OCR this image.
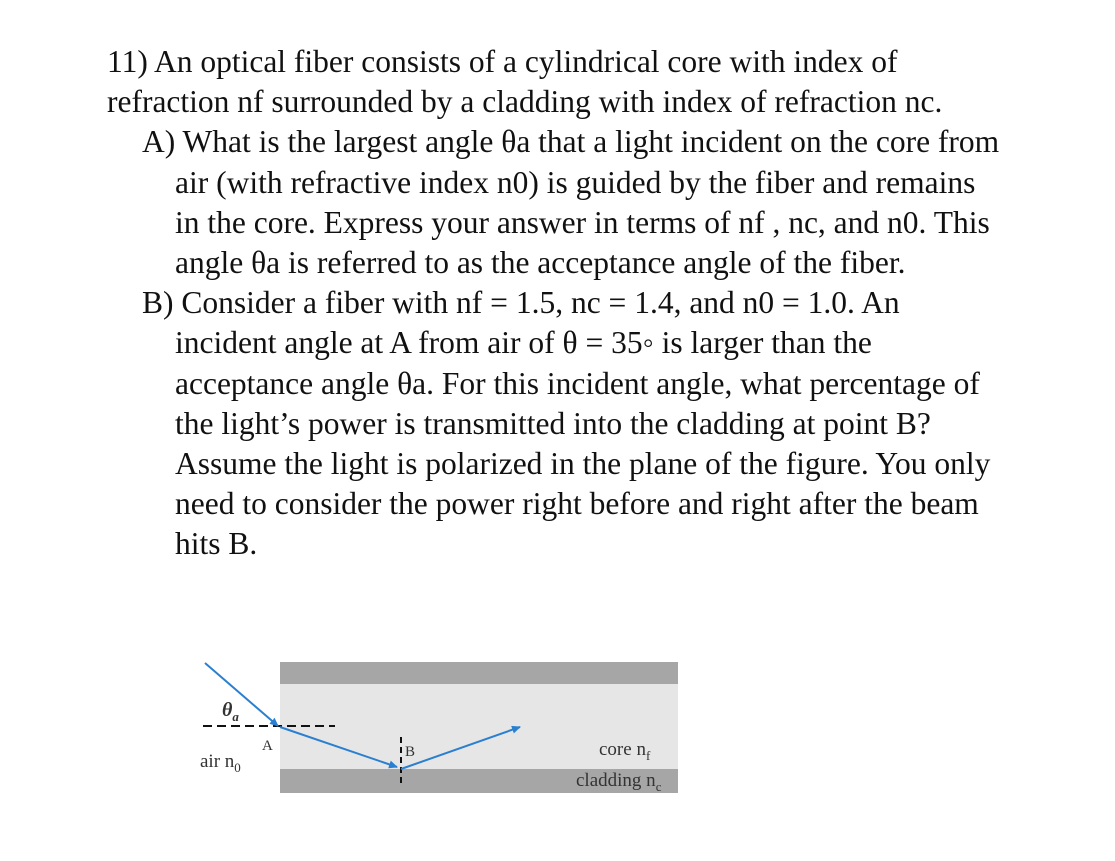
11) An optical fiber consists of a cylindrical core with index of refraction nf surrounded by a cladding with index of refraction nc.

A) What is the largest angle θa that a light incident on the core from air (with refractive index n0) is guided by the fiber and remains in the core. Express your answer in terms of nf , nc, and n0. This angle θa is referred to as the acceptance angle of the fiber.

B) Consider a fiber with nf = 1.5, nc = 1.4, and n0 = 1.0. An incident angle at A from air of θ = 35◦ is larger than the acceptance angle θa. For this incident angle, what percentage of the light’s power is transmitted into the cladding at point B? Assume the light is polarized in the plane of the figure. You only need to consider the power right before and right after the beam hits B.

$\theta_a$
A	B
air $n_0$
core $n_f$
cladding $n_c$
